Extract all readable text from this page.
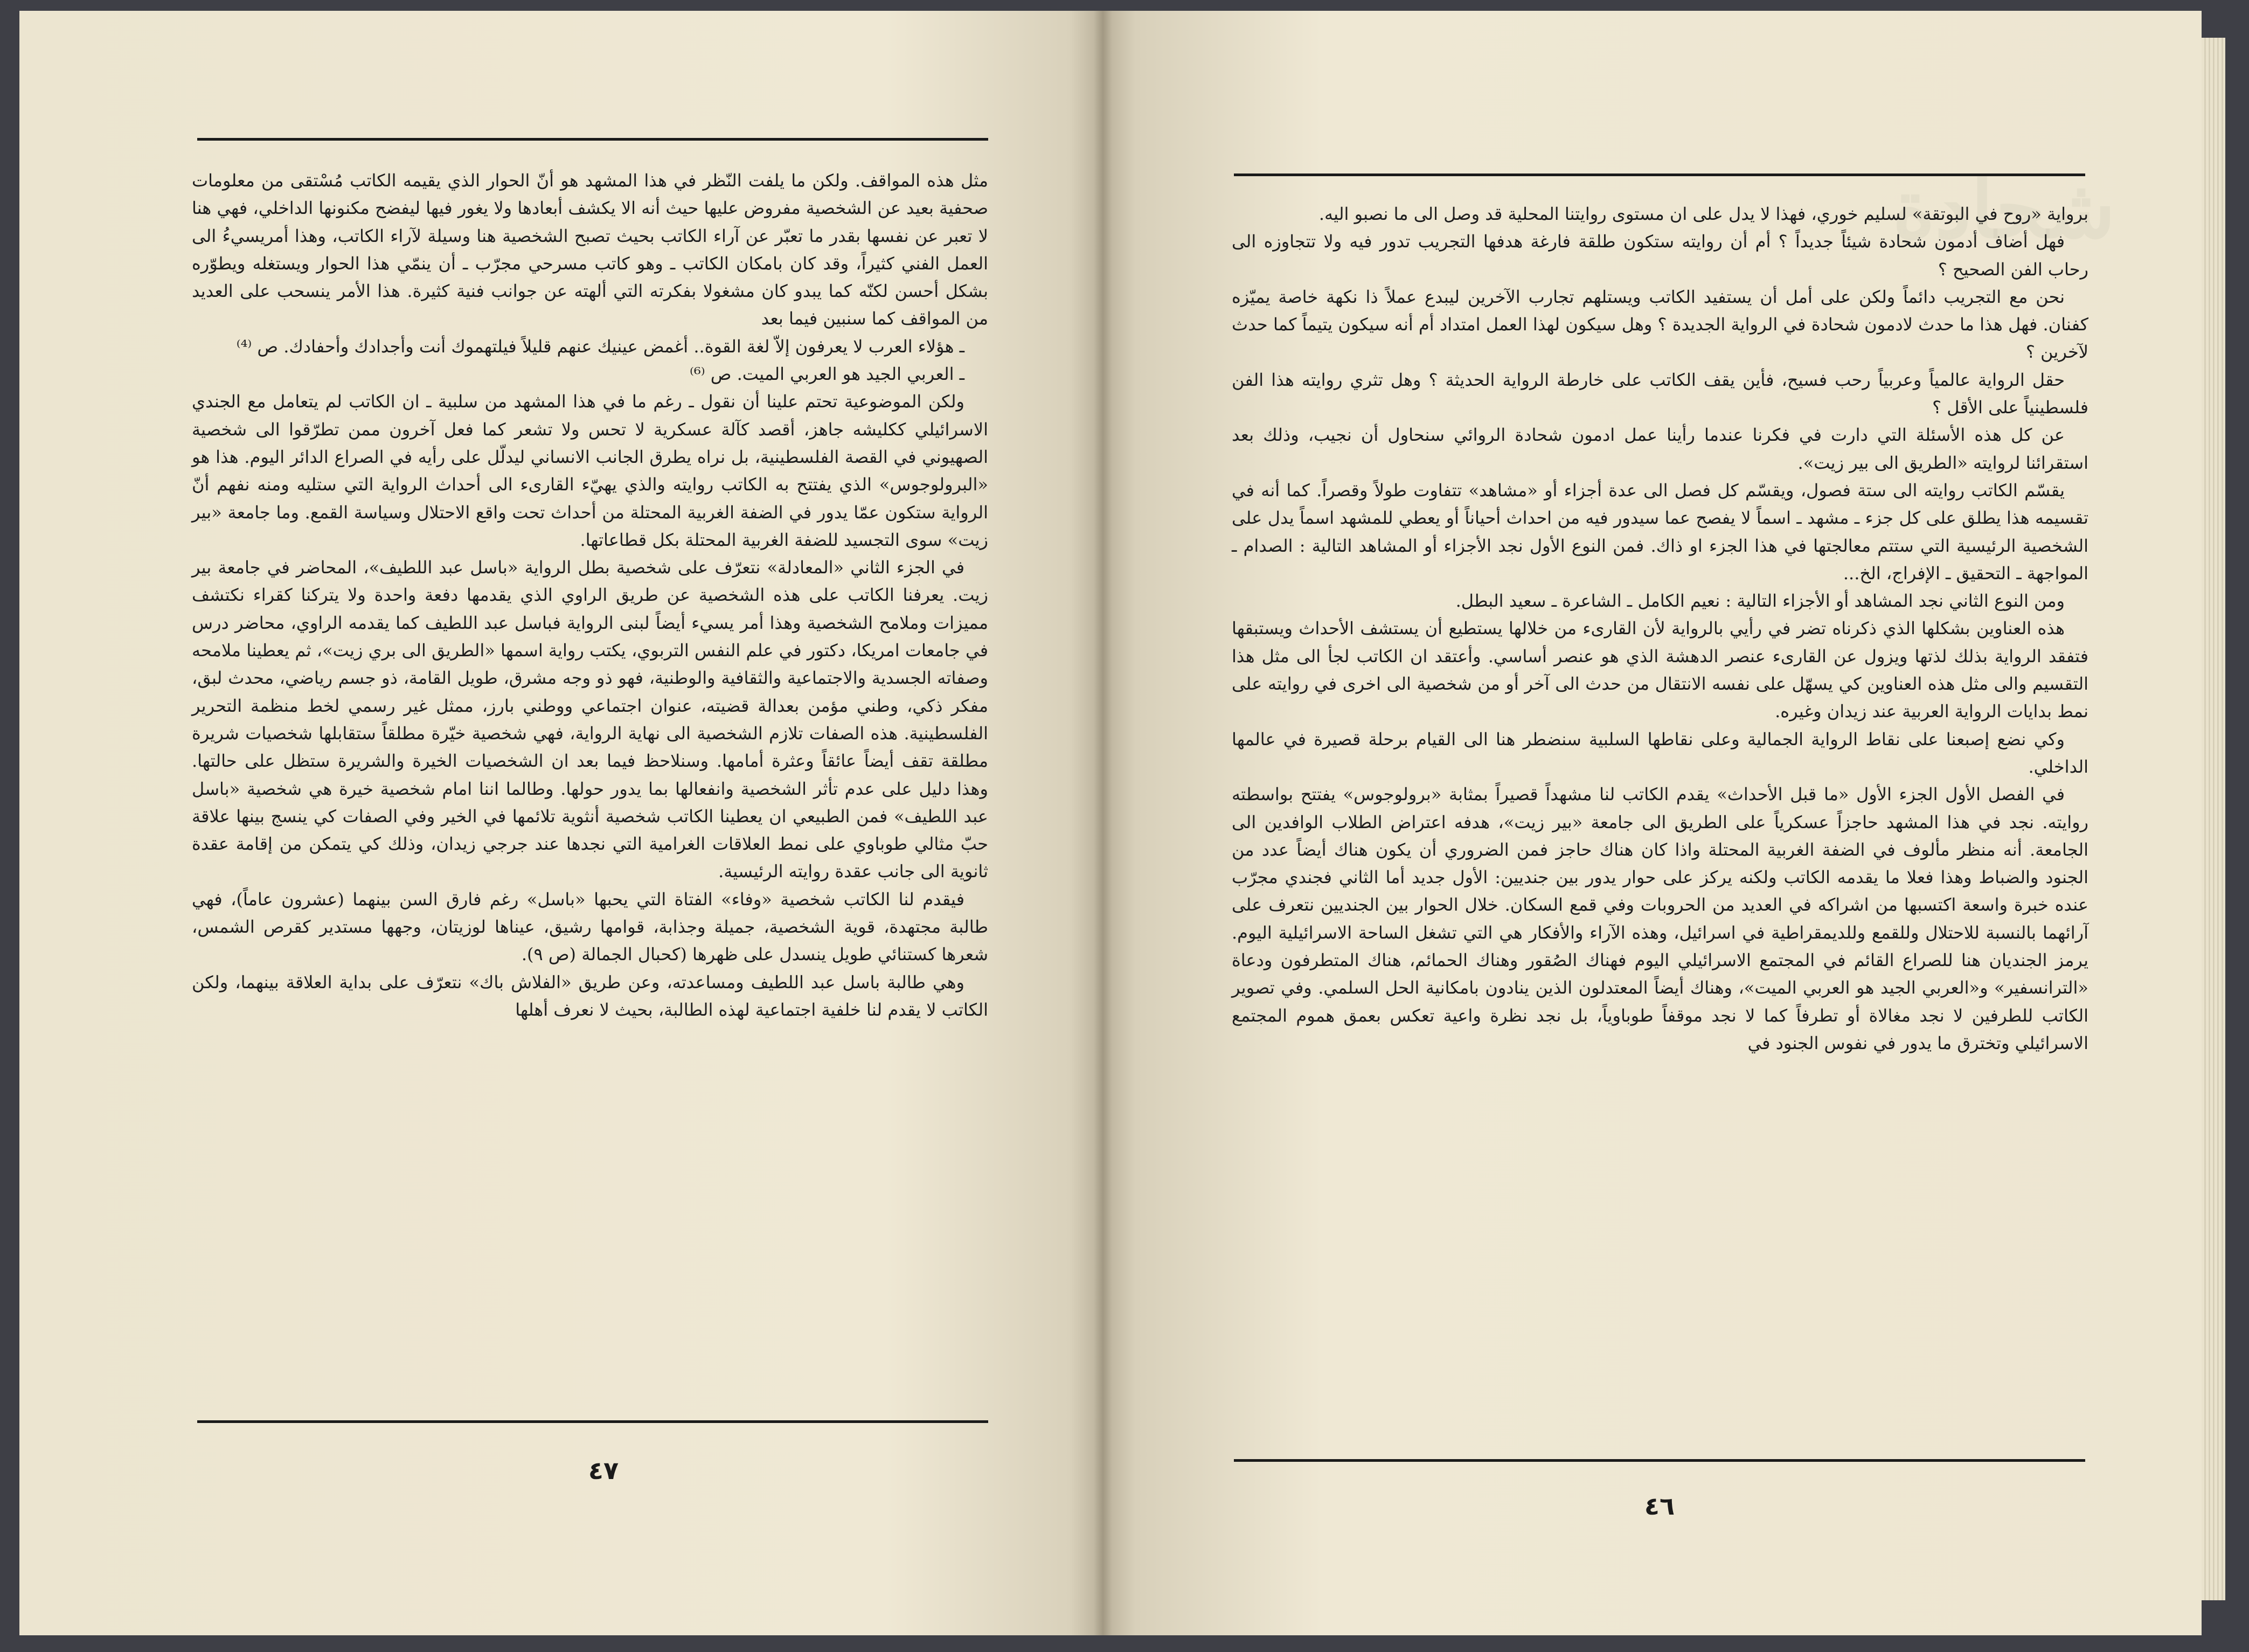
مثل هذه المواقف. ولكن ما يلفت النّظر في هذا المشهد هو أنّ الحوار الذي يقيمه الكاتب مُسْتقى من معلومات صحفية بعيد عن الشخصية مفروض عليها حيث أنه الا يكشف أبعادها ولا يغور فيها ليفضح مكنونها الداخلي، فهي هنا لا تعبر عن نفسها بقدر ما تعبّر عن آراء الكاتب بحيث تصبح الشخصية هنا وسيلة لآراء الكاتب، وهذا أمريسيءُ الى العمل الفني كثيراً، وقد كان بامكان الكاتب ـ وهو كاتب مسرحي مجرّب ـ أن ينمّي هذا الحوار ويستغله ويطوّره بشكل أحسن لكنّه كما يبدو كان مشغولا بفكرته التي ألهته عن جوانب فنية كثيرة. هذا الأمر ينسحب على العديد من المواقف كما سنبين فيما بعد

ـ هؤلاء العرب لا يعرفون إلاّ لغة القوة.. أغمض عينيك عنهم قليلاً فيلتهموك أنت وأجدادك وأحفادك. ص ⁽⁴⁾

ـ العربي الجيد هو العربي الميت. ص ⁽⁶⁾

ولكن الموضوعية تحتم علينا أن نقول ـ رغم ما في هذا المشهد من سلبية ـ ان الكاتب لم يتعامل مع الجندي الاسرائيلي ككليشه جاهز، أقصد كآلة عسكرية لا تحس ولا تشعر كما فعل آخرون ممن تطرّقوا الى شخصية الصهيوني في القصة الفلسطينية، بل نراه يطرق الجانب الانساني ليدلّل على رأيه في الصراع الدائر اليوم. هذا هو «البرولوجوس» الذي يفتتح به الكاتب روايته والذي يهيّء القارىء الى أحداث الرواية التي ستليه ومنه نفهم أنّ الرواية ستكون عمّا يدور في الضفة الغربية المحتلة من أحداث تحت واقع الاحتلال وسياسة القمع. وما جامعة «بير زيت» سوى التجسيد للضفة الغربية المحتلة بكل قطاعاتها.

في الجزء الثاني «المعادلة» نتعرّف على شخصية بطل الرواية «باسل عبد اللطيف»، المحاضر في جامعة بير زيت. يعرفنا الكاتب على هذه الشخصية عن طريق الراوي الذي يقدمها دفعة واحدة ولا يتركنا كقراء نكتشف مميزات وملامح الشخصية وهذا أمر يسيء أيضاً لبنى الرواية فباسل عبد اللطيف كما يقدمه الراوي، محاضر درس في جامعات امريكا، دكتور في علم النفس التربوي، يكتب رواية اسمها «الطريق الى بري زيت»، ثم يعطينا ملامحه وصفاته الجسدية والاجتماعية والثقافية والوطنية، فهو ذو وجه مشرق، طويل القامة، ذو جسم رياضي، محدث لبق، مفكر ذكي، وطني مؤمن بعدالة قضيته، عنوان اجتماعي ووطني بارز، ممثل غير رسمي لخط منظمة التحرير الفلسطينية. هذه الصفات تلازم الشخصية الى نهاية الرواية، فهي شخصية خيّرة مطلقاً ستقابلها شخصيات شريرة مطلقة تقف أيضاً عائقاً وعثرة أمامها. وسنلاحظ فيما بعد ان الشخصيات الخيرة والشريرة ستظل على حالتها. وهذا دليل على عدم تأثر الشخصية وانفعالها بما يدور حولها. وطالما اننا امام شخصية خيرة هي شخصية «باسل عبد اللطيف» فمن الطبيعي ان يعطينا الكاتب شخصية أنثوية تلائمها في الخير وفي الصفات كي ينسج بينها علاقة حبّ مثالي طوباوي على نمط العلاقات الغرامية التي نجدها عند جرجي زيدان، وذلك كي يتمكن من إقامة عقدة ثانوية الى جانب عقدة روايته الرئيسية.

فيقدم لنا الكاتب شخصية «وفاء» الفتاة التي يحبها «باسل» رغم فارق السن بينهما (عشرون عاماً)، فهي طالبة مجتهدة، قوية الشخصية، جميلة وجذابة، قوامها رشيق، عيناها لوزيتان، وجهها مستدير كقرص الشمس، شعرها كستنائي طويل ينسدل على ظهرها (كحبال الجمالة (ص ٩).

وهي طالبة باسل عبد اللطيف ومساعدته، وعن طريق «الفلاش باك» نتعرّف على بداية العلاقة بينهما، ولكن الكاتب لا يقدم لنا خلفية اجتماعية لهذه الطالبة، بحيث لا نعرف أهلها

٤٧

برواية «روح في البوتقة» لسليم خوري، فهذا لا يدل على ان مستوى روايتنا المحلية قد وصل الى ما نصبو اليه.

فهل أضاف أدمون شحادة شيئاً جديداً ؟ أم أن روايته ستكون طلقة فارغة هدفها التجريب تدور فيه ولا تتجاوزه الى رحاب الفن الصحيح ؟

نحن مع التجريب دائماً ولكن على أمل أن يستفيد الكاتب ويستلهم تجارب الآخرين ليبدع عملاً ذا نكهة خاصة يميّزه كفنان. فهل هذا ما حدث لادمون شحادة في الرواية الجديدة ؟ وهل سيكون لهذا العمل امتداد أم أنه سيكون يتيماً كما حدث لآخرين ؟

حقل الرواية عالمياً وعربياً رحب فسيح، فأين يقف الكاتب على خارطة الرواية الحديثة ؟ وهل تثري روايته هذا الفن فلسطينياً على الأقل ؟

عن كل هذه الأسئلة التي دارت في فكرنا عندما رأينا عمل ادمون شحادة الروائي سنحاول أن نجيب، وذلك بعد استقرائنا لروايته «الطريق الى بير زيت».

يقسّم الكاتب روايته الى ستة فصول، ويقسّم كل فصل الى عدة أجزاء أو «مشاهد» تتفاوت طولاً وقصراً. كما أنه في تقسيمه هذا يطلق على كل جزء ـ مشهد ـ اسماً لا يفصح عما سيدور فيه من احداث أحياناً أو يعطي للمشهد اسماً يدل على الشخصية الرئيسية التي ستتم معالجتها في هذا الجزء او ذاك. فمن النوع الأول نجد الأجزاء أو المشاهد التالية : الصدام ـ المواجهة ـ التحقيق ـ الإفراج، الخ...

ومن النوع الثاني نجد المشاهد أو الأجزاء التالية : نعيم الكامل ـ الشاعرة ـ سعيد البطل.

هذه العناوين بشكلها الذي ذكرناه تضر في رأيي بالرواية لأن القارىء من خلالها يستطيع أن يستشف الأحداث ويستبقها فتفقد الرواية بذلك لذتها ويزول عن القارىء عنصر الدهشة الذي هو عنصر أساسي. وأعتقد ان الكاتب لجأ الى مثل هذا التقسيم والى مثل هذه العناوين كي يسهّل على نفسه الانتقال من حدث الى آخر أو من شخصية الى اخرى في روايته على نمط بدايات الرواية العربية عند زيدان وغيره.

وكي نضع إصبعنا على نقاط الرواية الجمالية وعلى نقاطها السلبية سنضطر هنا الى القيام برحلة قصيرة في عالمها الداخلي.

في الفصل الأول الجزء الأول «ما قبل الأحداث» يقدم الكاتب لنا مشهداً قصيراً بمثابة «برولوجوس» يفتتح بواسطته روايته. نجد في هذا المشهد حاجزاً عسكرياً على الطريق الى جامعة «بير زيت»، هدفه اعتراض الطلاب الوافدين الى الجامعة. أنه منظر مألوف في الضفة الغربية المحتلة واذا كان هناك حاجز فمن الضروري أن يكون هناك أيضاً عدد من الجنود والضباط وهذا فعلا ما يقدمه الكاتب ولكنه يركز على حوار يدور بين جنديين: الأول جديد أما الثاني فجندي مجرّب عنده خبرة واسعة اكتسبها من اشراكه في العديد من الحروبات وفي قمع السكان. خلال الحوار بين الجنديين نتعرف على آرائهما بالنسبة للاحتلال وللقمع وللديمقراطية في اسرائيل، وهذه الآراء والأفكار هي التي تشغل الساحة الاسرائيلية اليوم. يرمز الجنديان هنا للصراع القائم في المجتمع الاسرائيلي اليوم فهناك الصُقور وهناك الحمائم، هناك المتطرفون ودعاة «الترانسفير» و«العربي الجيد هو العربي الميت»، وهناك أيضاً المعتدلون الذين ينادون بامكانية الحل السلمي. وفي تصوير الكاتب للطرفين لا نجد مغالاة أو تطرفاً كما لا نجد موقفاً طوباوياً، بل نجد نظرة واعية تعكس بعمق هموم المجتمع الاسرائيلي وتخترق ما يدور في نفوس الجنود في

٤٦
